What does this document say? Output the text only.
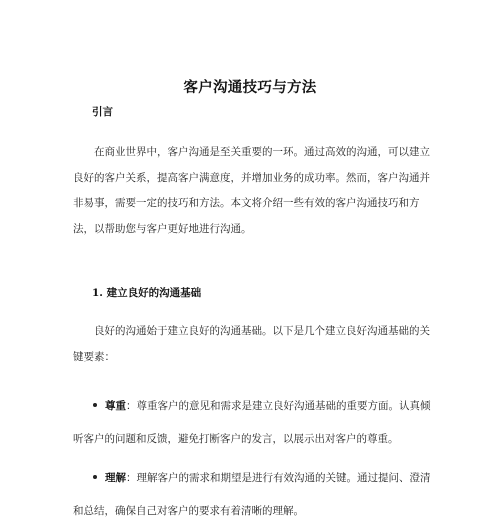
客户沟通技巧与方法
引言
在商业世界中，客户沟通是至关重要的一环。通过高效的沟通，可以建立良好的客户关系，提高客户满意度，并增加业务的成功率。然而，客户沟通并非易事，需要一定的技巧和方法。本文将介绍一些有效的客户沟通技巧和方法，以帮助您与客户更好地进行沟通。
1. 建立良好的沟通基础
良好的沟通始于建立良好的沟通基础。以下是几个建立良好沟通基础的关键要素：
尊重：尊重客户的意见和需求是建立良好沟通基础的重要方面。认真倾听客户的问题和反馈，避免打断客户的发言，以展示出对客户的尊重。
理解：理解客户的需求和期望是进行有效沟通的关键。通过提问、澄清和总结，确保自己对客户的要求有着清晰的理解。
